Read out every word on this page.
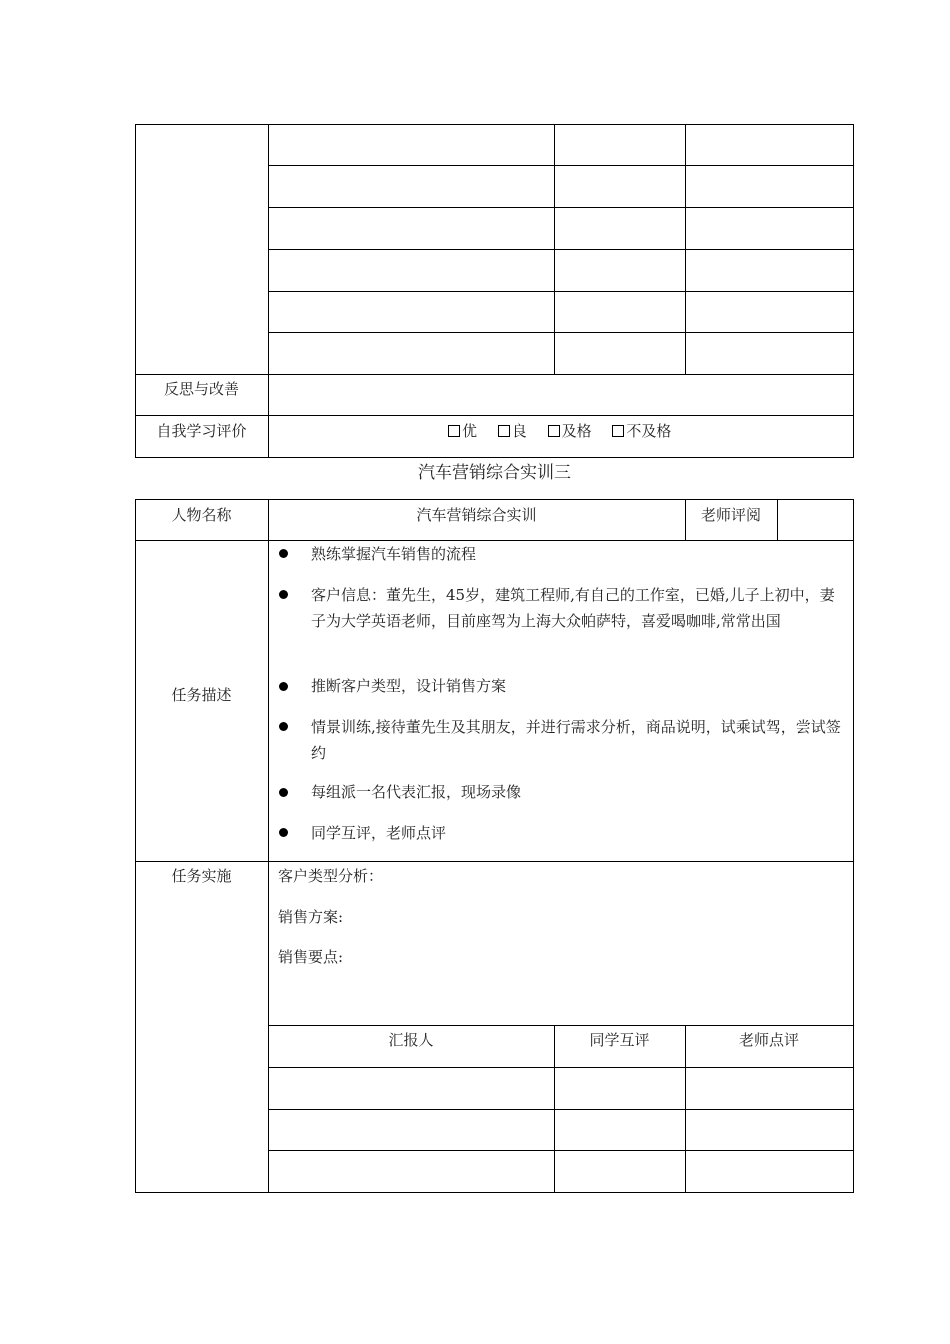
反思与改善
自我学习评价	优 良 及格 不及格
汽车营销综合实训三
人物名称	汽车营销综合实训	老师评阅
任务描述
熟练掌握汽车销售的流程
客户信息：董先生，45岁，建筑工程师,有自己的工作室，已婚,儿子上初中，妻子为大学英语老师，目前座驾为上海大众帕萨特，喜爱喝咖啡,常常出国
推断客户类型，设计销售方案
情景训练,接待董先生及其朋友，并进行需求分析，商品说明，试乘试驾，尝试签约
每组派一名代表汇报，现场录像
同学互评，老师点评
任务实施	客户类型分析：
销售方案:
销售要点:
汇报人	同学互评	老师点评
